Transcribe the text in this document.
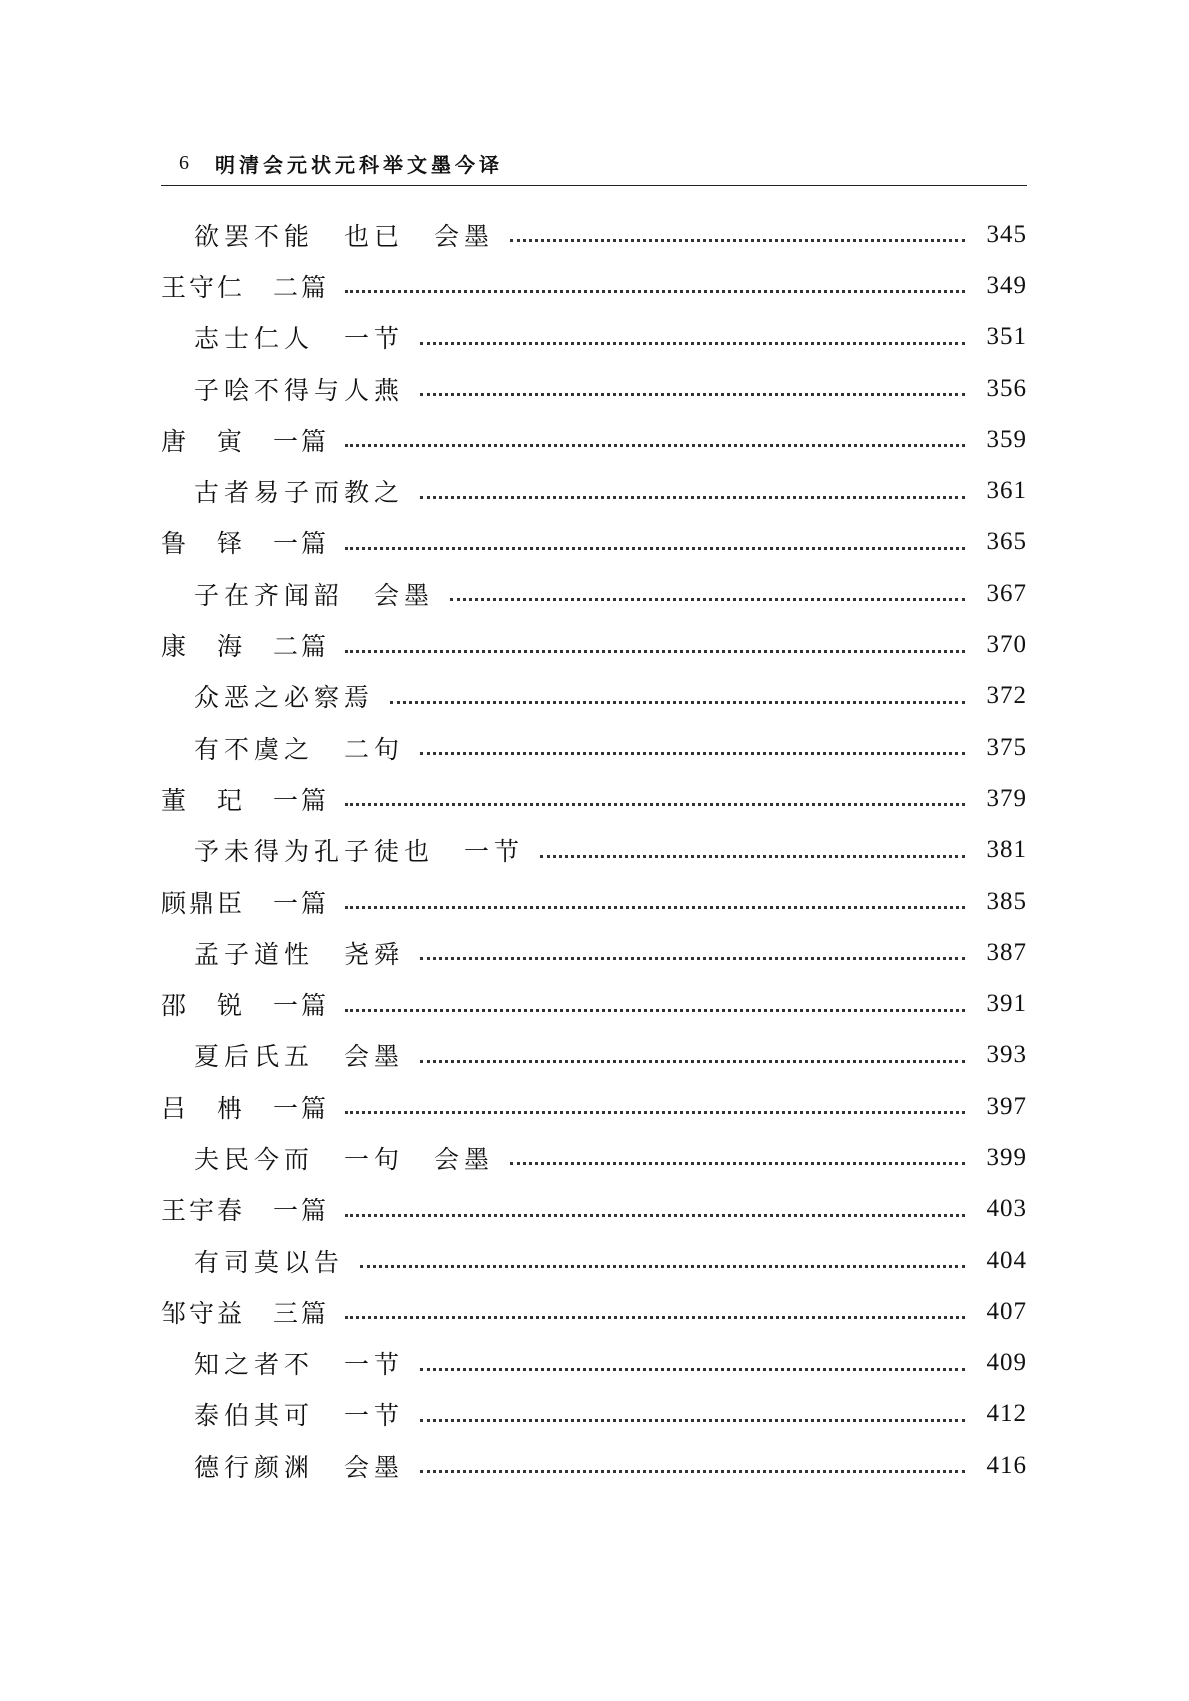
6 明清会元状元科举文墨今译
欲罢不能　也已　会墨	345
王守仁　二篇	349
志士仁人　一节	351
子哙不得与人燕	356
唐　寅　一篇	359
古者易子而教之	361
鲁　铎　一篇	365
子在齐闻韶　会墨	367
康　海　二篇	370
众恶之必察焉	372
有不虞之　二句	375
董　玘　一篇	379
予未得为孔子徒也　一节	381
顾鼎臣　一篇	385
孟子道性　尧舜	387
邵　锐　一篇	391
夏后氏五　会墨	393
吕　柟　一篇	397
夫民今而　一句　会墨	399
王宇春　一篇	403
有司莫以告	404
邹守益　三篇	407
知之者不　一节	409
泰伯其可　一节	412
德行颜渊　会墨	416
